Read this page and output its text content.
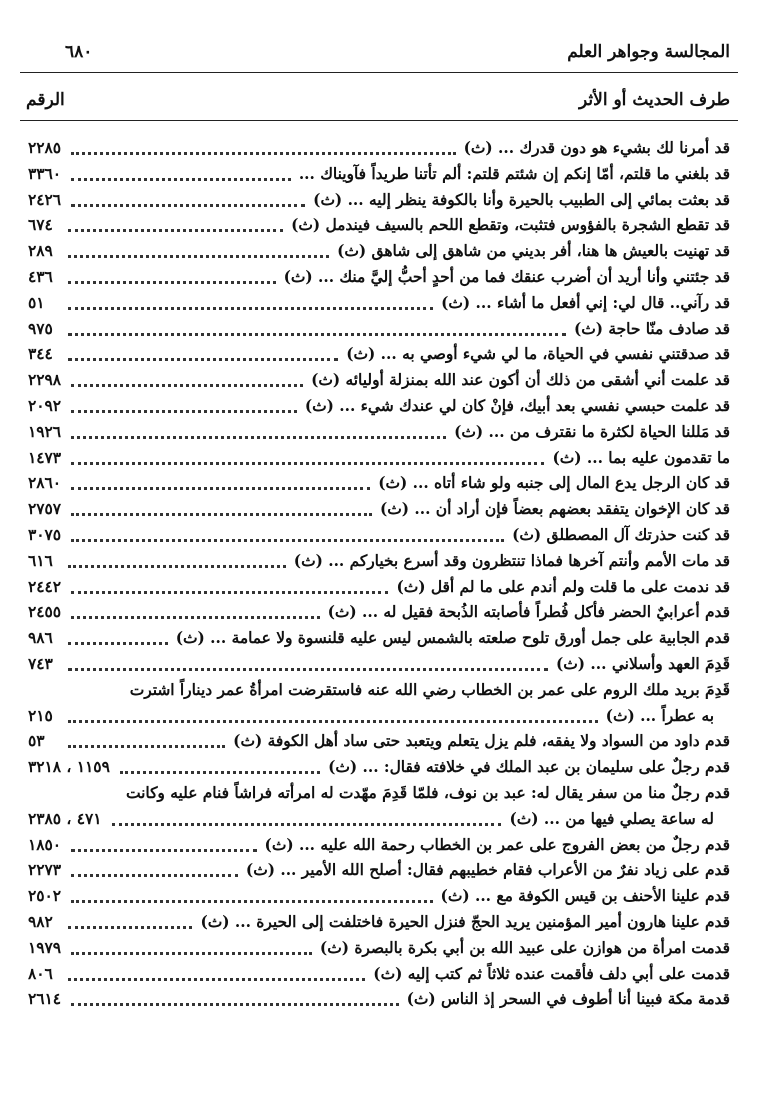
المجالسة وجواهر العلم
٦٨٠
طرف الحديث أو الأثر
الرقم
قد أمرنا لك بشيء هو دون قدرك ... (ث)
٢٢٨٥
قد بلغني ما قلتم، أمّا إنكم إن شئتم قلتم: ألم تأتنا طريداً فآويناك ...
٣٣٦٠
قد بعثت بمائي إلى الطبيب بالحيرة وأنا بالكوفة ينظر إليه ... (ث)
٢٤٢٦
قد تقطع الشجرة بالفؤوس فتثبت، وتقطع اللحم بالسيف فيندمل (ث)
٦٧٤
قد تهنيت بالعيش ها هنا، أفر بديني من شاهق إلى شاهق (ث)
٢٨٩
قد جئتني وأنا أريد أن أضرب عنقك فما من أحدٍ أحبُّ إليَّ منك ... (ث)
٤٣٦
قد رآني.. قال لي: إني أفعل ما أشاء ... (ث)
٥١
قد صادف منّا حاجة (ث)
٩٧٥
قد صدقتني نفسي في الحياة، ما لي شيء أوصي به ... (ث)
٣٤٤
قد علمت أني أشقى من ذلك أن أكون عند الله بمنزلة أوليائه (ث)
٢٢٩٨
قد علمت حبسي نفسي بعد أبيك، فإنْ كان لي عندك شيء ... (ث)
٢٠٩٢
قد مَللنا الحياة لكثرة ما نقترف من ... (ث)
١٩٢٦
ما تقدمون عليه بما ... (ث)
١٤٧٣
قد كان الرجل يدع المال إلى جنبه ولو شاء أتاه ... (ث)
٢٨٦٠
قد كان الإخوان يتفقد بعضهم بعضاً فإن أراد أن ... (ث)
٢٧٥٧
قد كنت حذرتك آل المصطلق (ث)
٣٠٧٥
قد مات الأمم وأنتم آخرها فماذا تنتظرون وقد أسرع بخياركم ... (ث)
٦١٦
قد ندمت على ما قلت ولم أندم على ما لم أقل (ث)
٢٤٤٢
قدم أعرابيٌ الحضر فأكل فُطراً فأصابته الذُبحة فقيل له ... (ث)
٢٤٥٥
قدم الجابية على جمل أورق تلوح صلعته بالشمس ليس عليه قلنسوة ولا عمامة ... (ث)
٩٨٦
قَدِمَ العهد وأسلاني ... (ث)
٧٤٣
قَدِمَ بريد ملك الروم على عمر بن الخطاب رضي الله عنه فاستقرضت امرأةُ عمر ديناراً اشترت
به عطراً ... (ث)
٢١٥
قدم داود من السواد ولا يفقه، فلم يزل يتعلم ويتعبد حتى ساد أهل الكوفة (ث)
٥٣
قدم رجلٌ على سليمان بن عبد الملك في خلافته فقال: ... (ث)
١١٥٩ ، ٣٢١٨
قدم رجلٌ منا من سفر يقال له: عبد بن نوف، فلمّا قَدِمَ مهّدت له امرأته فراشاً فنام عليه وكانت
له ساعة يصلي فيها من ... (ث)
٤٧١ ، ٢٣٨٥
قدم رجلٌ من بعض الفروج على عمر بن الخطاب رحمة الله عليه ... (ث)
١٨٥٠
قدم على زياد نفرٌ من الأعراب فقام خطيبهم فقال: أصلح الله الأمير ... (ث)
٢٢٧٣
قدم علينا الأحنف بن قيس الكوفة مع ... (ث)
٢٥٠٢
قدم علينا هارون أمير المؤمنين يريد الحجّ فنزل الحيرة فاختلفت إلى الحيرة ... (ث)
٩٨٢
قدمت امرأة من هوازن على عبيد الله بن أبي بكرة بالبصرة (ث)
١٩٧٩
قدمت على أبي دلف فأقمت عنده ثلاثاً ثم كتب إليه (ث)
٨٠٦
قدمة مكة فبينا أنا أطوف في السحر إذ الناس (ث)
٢٦١٤
